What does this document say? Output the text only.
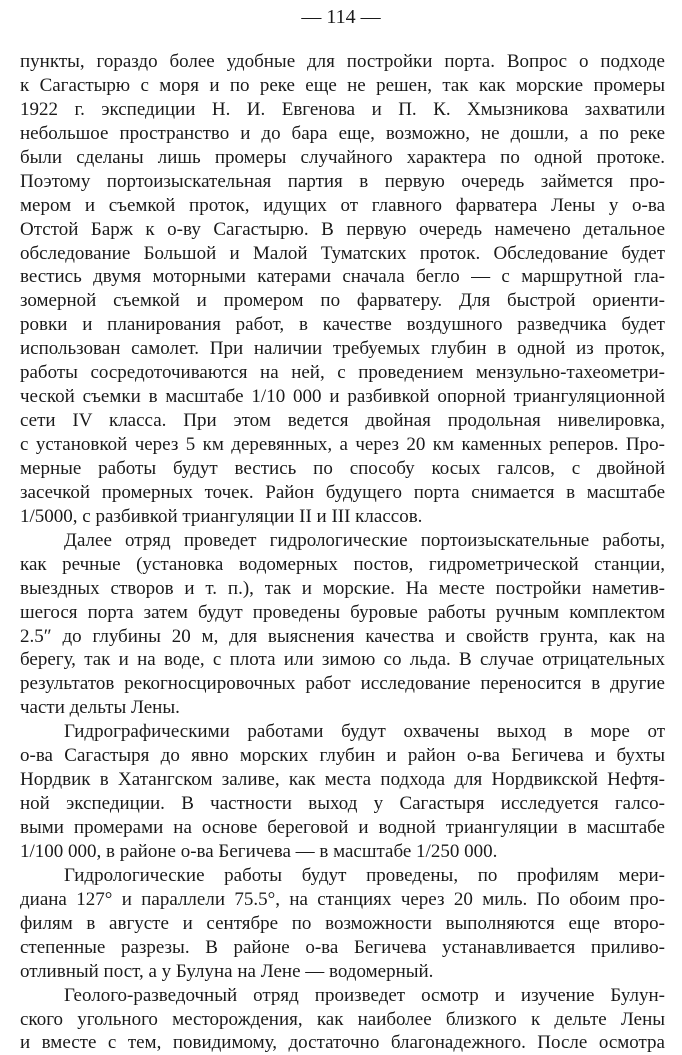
— 114 —
пункты, гораздо более удобные для постройки порта. Вопрос о подходе
к Сагастырю с моря и по реке еще не решен, так как морские промеры
1922 г. экспедиции Н. И. Евгенова и П. К. Хмызникова захватили
небольшое пространство и до бара еще, возможно, не дошли, а по реке
были сделаны лишь промеры случайного характера по одной протоке.
Поэтому портоизыскательная партия в первую очередь займется про-
мером и съемкой проток, идущих от главного фарватера Лены у о-ва
Отстой Барж к о-ву Сагастырю. В первую очередь намечено детальное
обследование Большой и Малой Туматских проток. Обследование будет
вестись двумя моторными катерами сначала бегло — с маршрутной гла-
зомерной съемкой и промером по фарватеру. Для быстрой ориенти-
ровки и планирования работ, в качестве воздушного разведчика будет
использован самолет. При наличии требуемых глубин в одной из проток,
работы сосредоточиваются на ней, с проведением мензульно-тахеометри-
ческой съемки в масштабе 1/10 000 и разбивкой опорной триангуляционной
сети IV класса. При этом ведется двойная продольная нивелировка,
с установкой через 5 км деревянных, а через 20 км каменных реперов. Про-
мерные работы будут вестись по способу косых галсов, с двойной
засечкой промерных точек. Район будущего порта снимается в масштабе
1/5000, с разбивкой триангуляции II и III классов.
Далее отряд проведет гидрологические портоизыскательные работы,
как речные (установка водомерных постов, гидрометрической станции,
выездных створов и т. п.), так и морские. На месте постройки наметив-
шегося порта затем будут проведены буровые работы ручным комплектом
2.5″ до глубины 20 м, для выяснения качества и свойств грунта, как на
берегу, так и на воде, с плота или зимою со льда. В случае отрицательных
результатов рекогносцировочных работ исследование переносится в другие
части дельты Лены.
Гидрографическими работами будут охвачены выход в море от
о-ва Сагастыря до явно морских глубин и район о-ва Бегичева и бухты
Нордвик в Хатангском заливе, как места подхода для Нордвикской Нефтя-
ной экспедиции. В частности выход у Сагастыря исследуется галсо-
выми промерами на основе береговой и водной триангуляции в масштабе
1/100 000, в районе о-ва Бегичева — в масштабе 1/250 000.
Гидрологические работы будут проведены, по профилям мери-
диана 127° и параллели 75.5°, на станциях через 20 миль. По обоим про-
филям в августе и сентябре по возможности выполняются еще второ-
степенные разрезы. В районе о-ва Бегичева устанавливается приливо-
отливный пост, а у Булуна на Лене — водомерный.
Геолого-разведочный отряд произведет осмотр и изучение Булун-
ского угольного месторождения, как наиболее близкого к дельте Лены
и вместе с тем, повидимому, достаточно благонадежного. После осмотра
